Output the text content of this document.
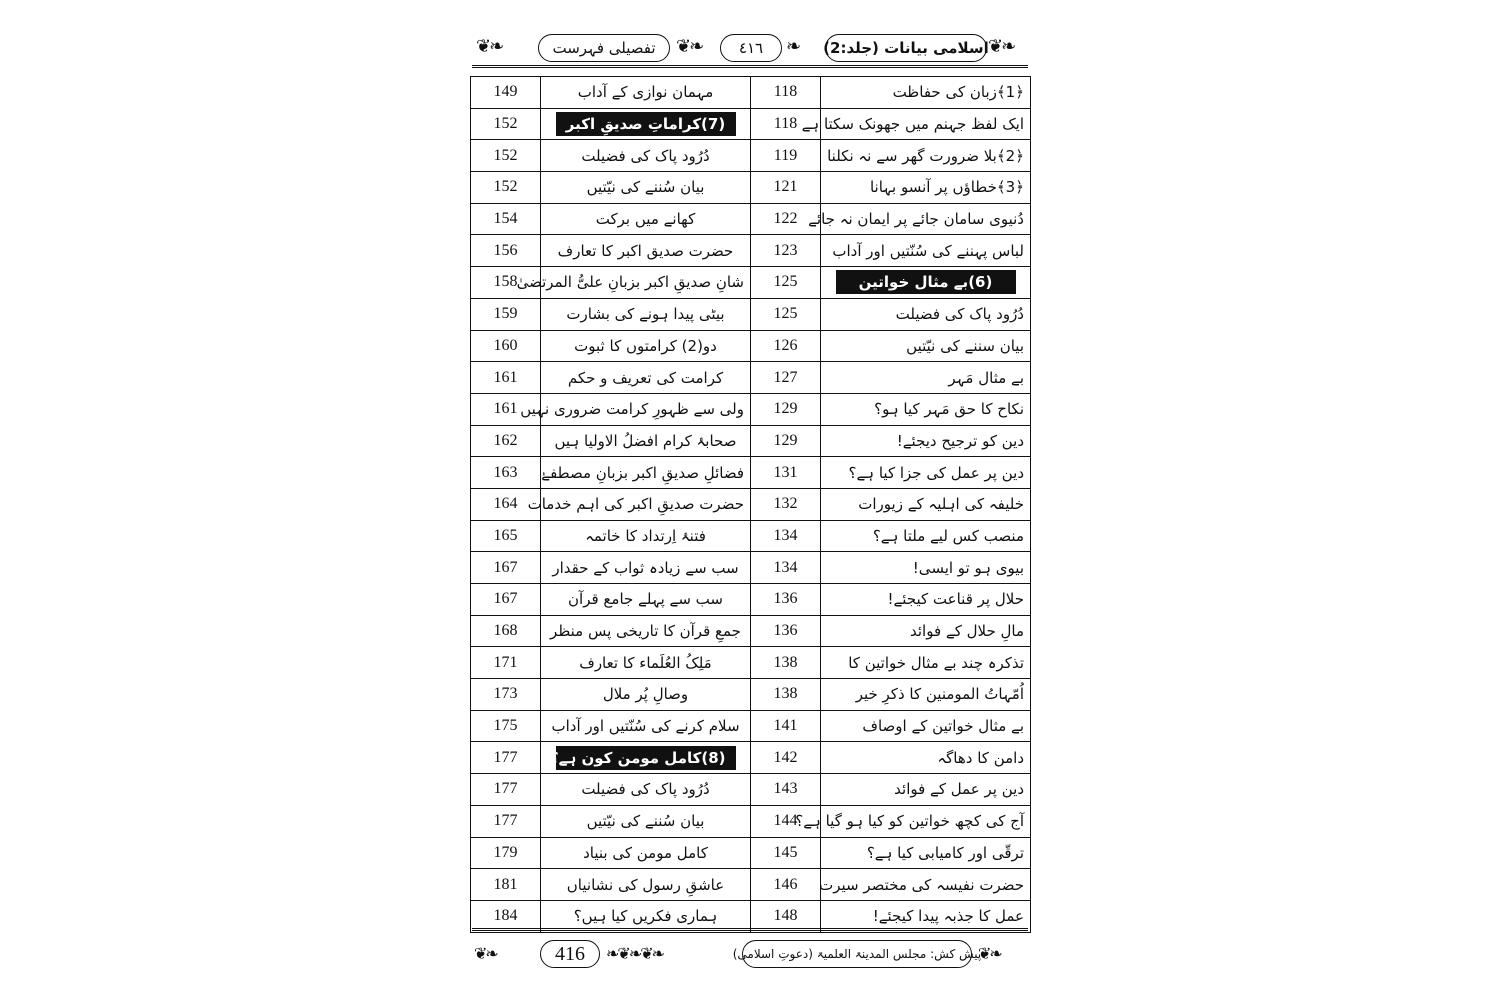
❦❧
اسلامی بیانات (جلد:2)
❧
٤١٦
❦❧
تفصیلی فہرست
❦❧
149	مہمان نوازی کے آداب	118	﴿1﴾زبان کی حفاظت
152	(7)کراماتِ صدیقِ اکبر	118	ایک لفظ جہنم میں جھونک سکتا ہے
152	دُرُود پاک کی فضیلت	119	﴿2﴾بلا ضرورت گھر سے نہ نکلنا
152	بیان سُننے کی نیّتیں	121	﴿3﴾خطاؤں پر آنسو بہانا
154	کھانے میں برکت	122	دُنیوی سامان جائے پر ایمان نہ جائے
156	حضرت صدیق اکبر کا تعارف	123	لباس پہننے کی سُنّتیں اور آداب
158	شانِ صدیقِ اکبر بزبانِ علیُّ المرتضیٰ	125	(6)بے مثال خواتین
159	بیٹی پیدا ہونے کی بشارت	125	دُرُود پاک کی فضیلت
160	دو(2) کرامتوں کا ثبوت	126	بیان سننے کی نیّتیں
161	کرامت کی تعریف و حکم	127	بے مثال مَہر
161	ولی سے ظہورِ کرامت ضروری نہیں	129	نکاح کا حق مَہر کیا ہو؟
162	صحابۂ کرام افضلُ الاولیا ہیں	129	دین کو ترجیح دیجئے!
163	فضائلِ صدیقِ اکبر بزبانِ مصطفےٰ	131	دین پر عمل کی جزا کیا ہے؟
164	حضرت صدیقِ اکبر کی اہم خدمات	132	خلیفہ کی اہلیہ کے زیورات
165	فتنۂ اِرتداد کا خاتمہ	134	منصب کس لیے ملتا ہے؟
167	سب سے زیادہ ثواب کے حقدار	134	بیوی ہو تو ایسی!
167	سب سے پہلے جامع قرآن	136	حلال پر قناعت کیجئے!
168	جمعِ قرآن کا تاریخی پس منظر	136	مالِ حلال کے فوائد
171	مَلِکُ العُلَماء کا تعارف	138	تذکرہ چند بے مثال خواتین کا
173	وصالِ پُر ملال	138	اُمّہاتُ المومنین کا ذکرِ خیر
175	سلام کرنے کی سُنّتیں اور آداب	141	بے مثال خواتین کے اوصاف
177	(8)کامل مومن کون ہے؟	142	دامن کا دھاگہ
177	دُرُود پاک کی فضیلت	143	دین پر عمل کے فوائد
177	بیان سُننے کی نیّتیں	144	آج کی کچھ خواتین کو کیا ہو گیا ہے؟
179	کامل مومن کی بنیاد	145	ترقّی اور کامیابی کیا ہے؟
181	عاشقِ رسول کی نشانیاں	146	حضرت نفیسہ کی مختصر سیرت
184	ہماری فکریں کیا ہیں؟	148	عمل کا جذبہ پیدا کیجئے!
❦❧	416	❧❦❧❦❧	پیش کش: مجلس المدینۃ العلمیۃ (دعوتِ اسلامی)
❦❧
